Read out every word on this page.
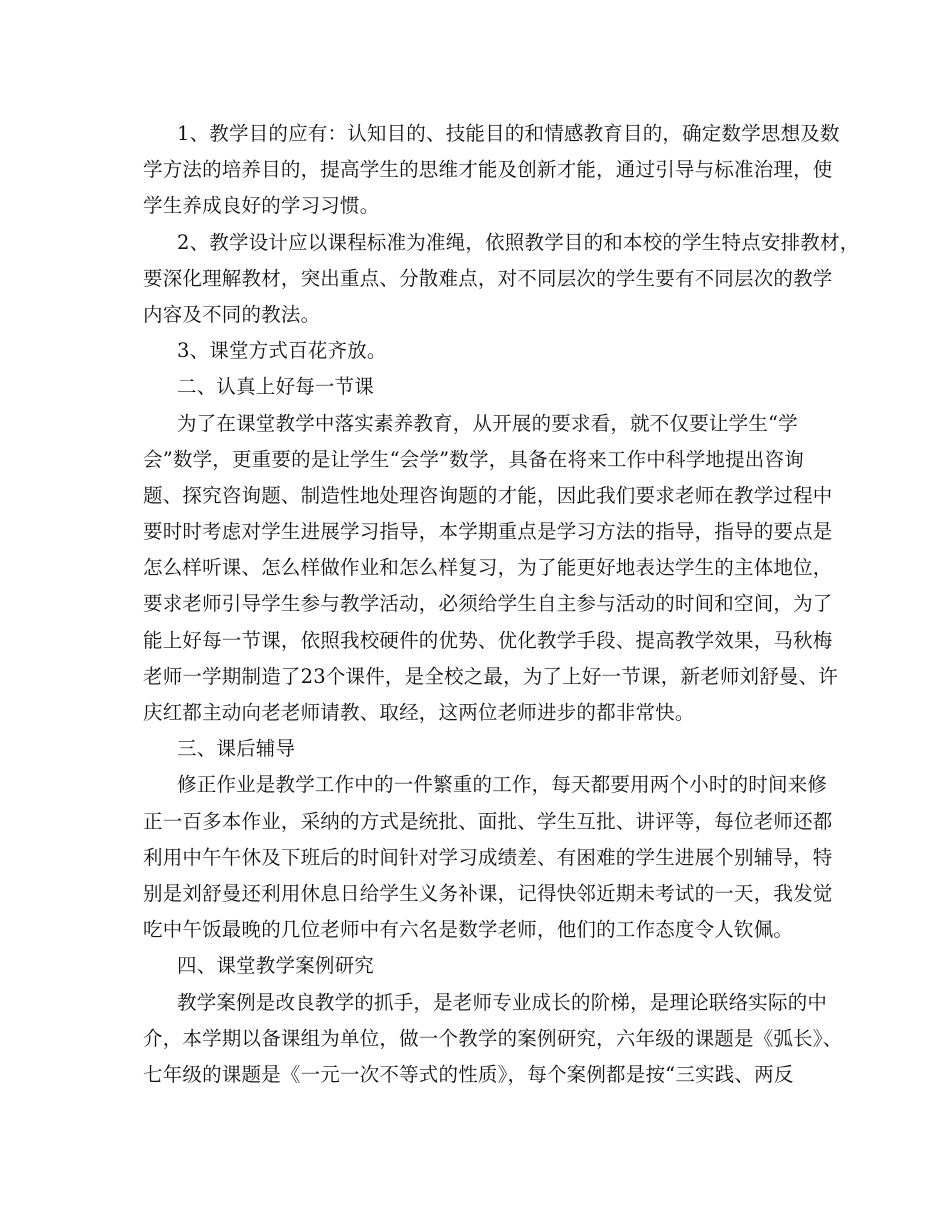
1、教学目的应有：认知目的、技能目的和情感教育目的，确定数学思想及数
学方法的培养目的，提高学生的思维才能及创新才能，通过引导与标准治理，使
学生养成良好的学习习惯。
2、教学设计应以课程标准为准绳，依照教学目的和本校的学生特点安排教材，
要深化理解教材，突出重点、分散难点，对不同层次的学生要有不同层次的教学
内容及不同的教法。
3、课堂方式百花齐放。
二、认真上好每一节课
为了在课堂教学中落实素养教育，从开展的要求看，就不仅要让学生“学
会”数学，更重要的是让学生“会学”数学，具备在将来工作中科学地提出咨询
题、探究咨询题、制造性地处理咨询题的才能，因此我们要求老师在教学过程中
要时时考虑对学生进展学习指导，本学期重点是学习方法的指导，指导的要点是
怎么样听课、怎么样做作业和怎么样复习，为了能更好地表达学生的主体地位，
要求老师引导学生参与教学活动，必须给学生自主参与活动的时间和空间，为了
能上好每一节课，依照我校硬件的优势、优化教学手段、提高教学效果，马秋梅
老师一学期制造了23个课件，是全校之最，为了上好一节课，新老师刘舒曼、许
庆红都主动向老老师请教、取经，这两位老师进步的都非常快。
三、课后辅导
修正作业是教学工作中的一件繁重的工作，每天都要用两个小时的时间来修
正一百多本作业，采纳的方式是统批、面批、学生互批、讲评等，每位老师还都
利用中午午休及下班后的时间针对学习成绩差、有困难的学生进展个别辅导，特
别是刘舒曼还利用休息日给学生义务补课，记得快邻近期未考试的一天，我发觉
吃中午饭最晚的几位老师中有六名是数学老师，他们的工作态度令人钦佩。
四、课堂教学案例研究
教学案例是改良教学的抓手，是老师专业成长的阶梯，是理论联络实际的中
介，本学期以备课组为单位，做一个教学的案例研究，六年级的课题是《弧长》、
七年级的课题是《一元一次不等式的性质》，每个案例都是按“三实践、两反
